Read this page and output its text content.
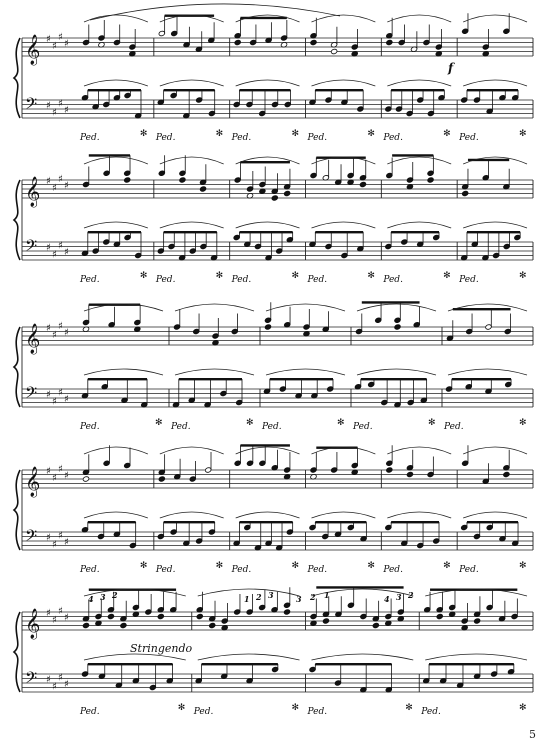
𝄞 ♯
♯
♯
♯
𝄢 ♯
♯
♯
♯
Ped.	✻ Ped.	✻ Ped.	✻ Ped.	✻ Ped.	✻ Ped.	✻
f
𝄞 ♯
♯
♯
♯
𝄢 ♯
♯
♯
♯
Ped.	✻ Ped.	✻ Ped.	✻ Ped.	✻ Ped.	✻ Ped.	✻
𝄞 ♯
♯
♯
♯
𝄢 ♯
♯
♯
♯
Ped.	✻ Ped.	✻ Ped.	✻ Ped.	✻ Ped.	✻
𝄞 ♯
♯
♯
♯
𝄢 ♯
♯
♯
♯
Ped.	✻ Ped.	✻ Ped.	✻ Ped.	✻ Ped.	✻ Ped.	✻
𝄞 ♯
♯
♯
♯
𝄢 ♯
♯
♯
♯
Ped.	✻ Ped.	✻ Ped.	✻ Ped.	✻
Stringendo
4 3 2	1 2 3	3 2 1	4 3 2
5
